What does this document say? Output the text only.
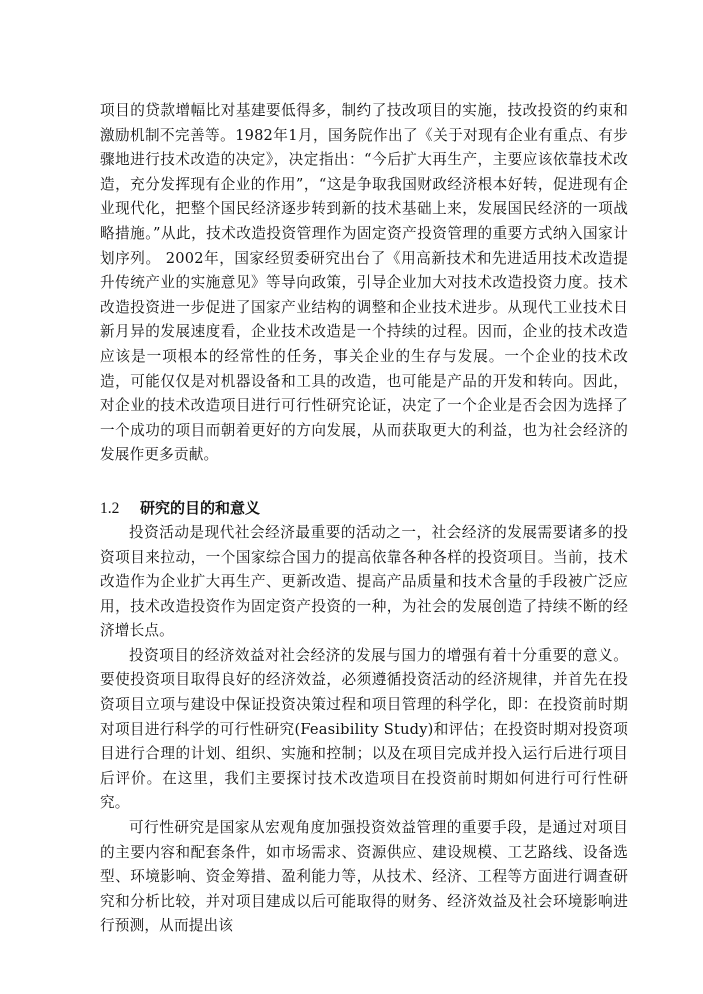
项目的贷款增幅比对基建要低得多，制约了技改项目的实施，技改投资的约束和激励机制不完善等。1982年1月，国务院作出了《关于对现有企业有重点、有步骤地进行技术改造的决定》，决定指出：“今后扩大再生产，主要应该依靠技术改造，充分发挥现有企业的作用”，“这是争取我国财政经济根本好转，促进现有企业现代化，把整个国民经济逐步转到新的技术基础上来，发展国民经济的一项战略措施。”从此，技术改造投资管理作为固定资产投资管理的重要方式纳入国家计划序列。 2002年，国家经贸委研究出台了《用高新技术和先进适用技术改造提升传统产业的实施意见》等导向政策，引导企业加大对技术改造投资力度。技术改造投资进一步促进了国家产业结构的调整和企业技术进步。从现代工业技术日新月异的发展速度看，企业技术改造是一个持续的过程。因而，企业的技术改造应该是一项根本的经常性的任务，事关企业的生存与发展。一个企业的技术改造，可能仅仅是对机器设备和工具的改造，也可能是产品的开发和转向。因此，对企业的技术改造项目进行可行性研究论证，决定了一个企业是否会因为选择了一个成功的项目而朝着更好的方向发展，从而获取更大的利益，也为社会经济的发展作更多贡献。

1.2 研究的目的和意义

投资活动是现代社会经济最重要的活动之一，社会经济的发展需要诸多的投资项目来拉动，一个国家综合国力的提高依靠各种各样的投资项目。当前，技术改造作为企业扩大再生产、更新改造、提高产品质量和技术含量的手段被广泛应用，技术改造投资作为固定资产投资的一种，为社会的发展创造了持续不断的经济增长点。

投资项目的经济效益对社会经济的发展与国力的增强有着十分重要的意义。要使投资项目取得良好的经济效益，必须遵循投资活动的经济规律，并首先在投资项目立项与建设中保证投资决策过程和项目管理的科学化，即：在投资前时期对项目进行科学的可行性研究(Feasibility Study)和评估；在投资时期对投资项目进行合理的计划、组织、实施和控制；以及在项目完成并投入运行后进行项目后评价。在这里，我们主要探讨技术改造项目在投资前时期如何进行可行性研究。

可行性研究是国家从宏观角度加强投资效益管理的重要手段，是通过对项目的主要内容和配套条件，如市场需求、资源供应、建设规模、工艺路线、设备选型、环境影响、资金筹措、盈利能力等，从技术、经济、工程等方面进行调查研究和分析比较，并对项目建成以后可能取得的财务、经济效益及社会环境影响进行预测，从而提出该
